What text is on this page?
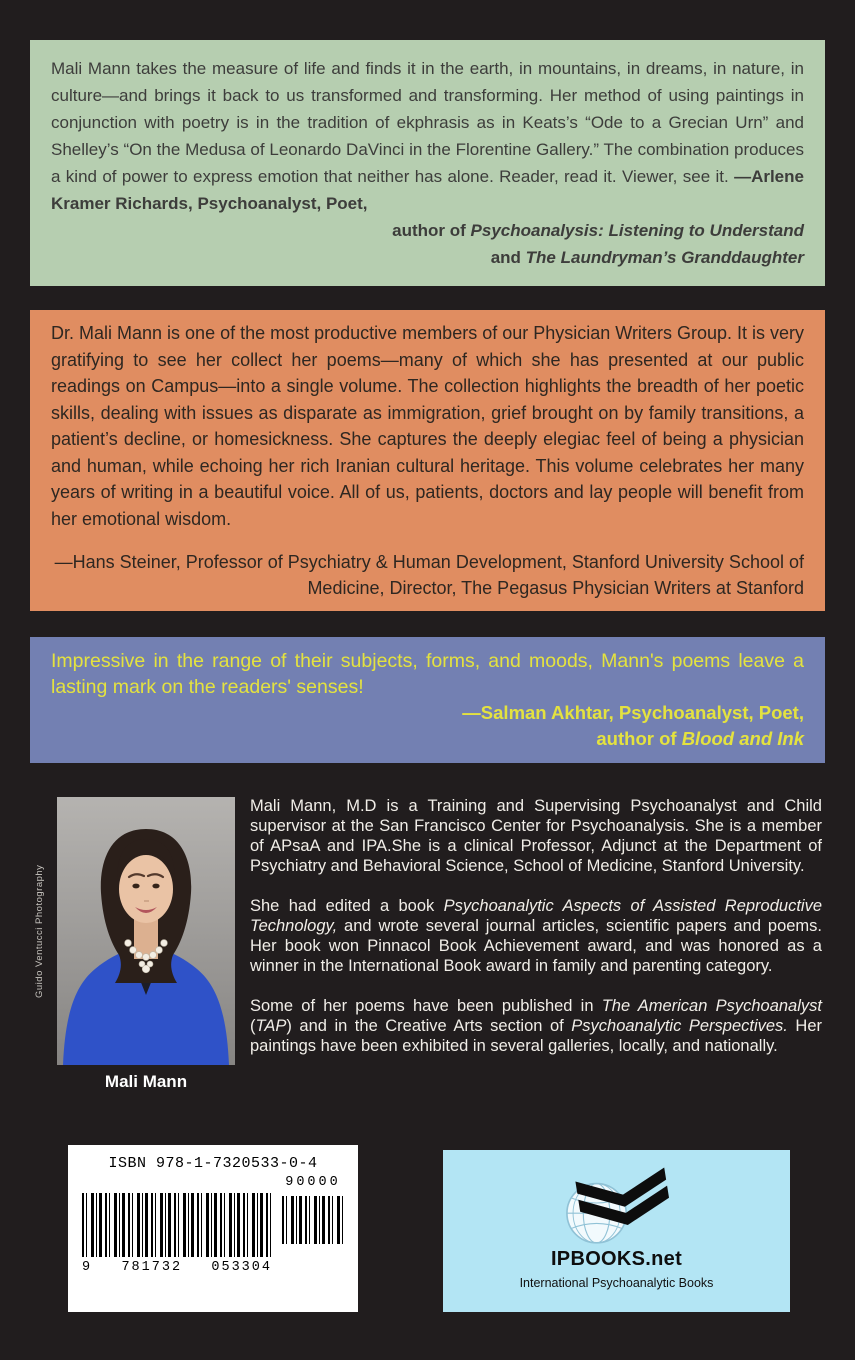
Mali Mann takes the measure of life and finds it in the earth, in mountains, in dreams, in nature, in culture—and brings it back to us transformed and transforming. Her method of using paintings in conjunction with poetry is in the tradition of ekphrasis as in Keats’s “Ode to a Grecian Urn” and Shelley’s “On the Medusa of Leonardo DaVinci in the Florentine Gallery.” The combination produces a kind of power to express emotion that neither has alone. Reader, read it. Viewer, see it. —Arlene Kramer Richards, Psychoanalyst, Poet,

author of Psychoanalysis: Listening to Understand
and The Laundryman’s Granddaughter

Dr. Mali Mann is one of the most productive members of our Physician Writers Group. It is very gratifying to see her collect her poems—many of which she has presented at our public readings on Campus—into a single volume. The collection highlights the breadth of her poetic skills, dealing with issues as disparate as immigration, grief brought on by family transitions, a patient’s decline, or homesickness. She captures the deeply elegiac feel of being a physician and human, while echoing her rich Iranian cultural heritage. This volume celebrates her many years of writing in a beautiful voice. All of us, patients, doctors and lay people will benefit from her emotional wisdom.

—Hans Steiner, Professor of Psychiatry & Human Development, Stanford University School of Medicine, Director, The Pegasus Physician Writers at Stanford

Impressive in the range of their subjects, forms, and moods, Mann's poems leave a lasting mark on the readers' senses!

—Salman Akhtar, Psychoanalyst, Poet,
author of Blood and Ink
Guido Ventucci Photography
Mali Mann

Mali Mann, M.D is a Training and Supervising Psychoanalyst and Child supervisor at the San Francisco Center for Psychoanalysis. She is a member of APsaA and IPA.She is a clinical Professor, Adjunct at the Department of Psychiatry and Behavioral Science, School of Medicine, Stanford University.

She had edited a book Psychoanalytic Aspects of Assisted Reproductive Technology, and wrote several journal articles, scientific papers and poems. Her book won Pinnacol Book Achievement award, and was honored as a winner in the International Book award in family and parenting category.

Some of her poems have been published in The American Psychoanalyst (TAP) and in the Creative Arts section of Psychoanalytic Perspectives. Her paintings have been exhibited in several galleries, locally, and nationally.

ISBN 978-1-7320533-0-4
9 781732 053304
90000
IPBOOKS.net
International Psychoanalytic Books
